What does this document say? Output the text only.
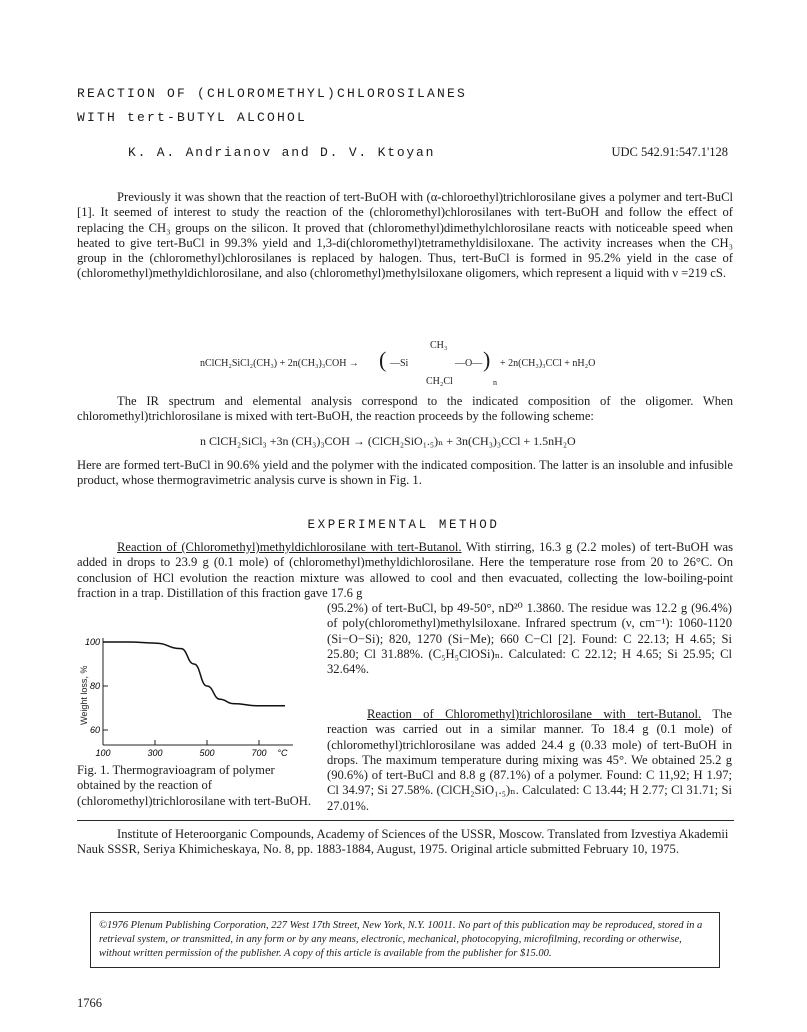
REACTION OF (CHLOROMETHYL)CHLOROSILANES
WITH tert-BUTYL ALCOHOL
K. A. Andrianov and D. V. Ktoyan	UDC 542.91:547.1'128
Previously it was shown that the reaction of tert-BuOH with (α-chloroethyl)trichlorosilane gives a polymer and tert-BuCl [1]. It seemed of interest to study the reaction of the (chloromethyl)chlorosilanes with tert-BuOH and follow the effect of replacing the CH₃ groups on the silicon. It proved that (chloromethyl)dimethylchlorosilane reacts with noticeable speed when heated to give tert-BuCl in 99.3% yield and 1,3-di(chloromethyl)tetramethyldisiloxane. The activity increases when the CH₃ group in the (chloromethyl)chlorosilanes is replaced by halogen. Thus, tert-BuCl is formed in 95.2% yield in the case of (chloromethyl)methyldichlorosilane, and also (chloromethyl)methylsiloxane oligomers, which represent a liquid with ν =219 cS.
nClCH₂SiCl₂(CH₃) + 2n(CH₃)₃COH → (
CH₃
—Si	—O—
CH₂Cl
)
n
+ 2n(CH₃)₃CCl + nH₂O
The IR spectrum and elemental analysis correspond to the indicated composition of the oligomer. When chloromethyl)trichlorosilane is mixed with tert-BuOH, the reaction proceeds by the following scheme:
n ClCH₂SiCl₃ +3n (CH₃)₃COH → (ClCH₂SiO₁.₅)ₙ + 3n(CH₃)₃CCl + 1.5nH₂O
Here are formed tert-BuCl in 90.6% yield and the polymer with the indicated composition. The latter is an insoluble and infusible product, whose thermogravimetric analysis curve is shown in Fig. 1.
EXPERIMENTAL METHOD
Reaction of (Chloromethyl)methyldichlorosilane with tert-Butanol. With stirring, 16.3 g (2.2 moles) of tert-BuOH was added in drops to 23.9 g (0.1 mole) of (chloromethyl)methyldichlorosilane. Here the temperature rose from 20 to 26°C. On conclusion of HCl evolution the reaction mixture was allowed to cool and then evacuated, collecting the low-boiling-point fraction in a trap. Distillation of this fraction gave 17.6 g
(95.2%) of tert-BuCl, bp 49-50°, nD²⁰ 1.3860. The residue was 12.2 g (96.4%) of poly(chloromethyl)methylsiloxane. Infrared spectrum (ν, cm⁻¹): 1060-1120 (Si−O−Si); 820, 1270 (Si−Me); 660 C−Cl [2]. Found: C 22.13; H 4.65; Si 25.80; Cl 31.88%. (C₅H₅ClOSi)ₙ. Calculated: C 22.12; H 4.65; Si 25.95; Cl 32.64%.
Weight loss, %
100
80
60
100	300	500	700 °C
Fig. 1. Thermogravioagram of polymer obtained by the reaction of (chloromethyl)trichlorosilane with tert-BuOH.
Reaction of Chloromethyl)trichlorosilane with tert-Butanol. The reaction was carried out in a similar manner. To 18.4 g (0.1 mole) of (chloromethyl)trichlorosilane was added 24.4 g (0.33 mole) of tert-BuOH in drops. The maximum temperature during mixing was 45°. We obtained 25.2 g (90.6%) of tert-BuCl and 8.8 g (87.1%) of a polymer. Found: C 11,92; H 1.97; Cl 34.97; Si 27.58%. (ClCH₂SiO₁.₅)ₙ. Calculated: C 13.44; H 2.77; Cl 31.71; Si 27.01%.
Institute of Heteroorganic Compounds, Academy of Sciences of the USSR, Moscow. Translated from Izvestiya Akademii Nauk SSSR, Seriya Khimicheskaya, No. 8, pp. 1883-1884, August, 1975. Original article submitted February 10, 1975.
©1976 Plenum Publishing Corporation, 227 West 17th Street, New York, N.Y. 10011. No part of this publication may be reproduced, stored in a retrieval system, or transmitted, in any form or by any means, electronic, mechanical, photocopying, microfilming, recording or otherwise, without written permission of the publisher. A copy of this article is available from the publisher for $15.00.
1766
